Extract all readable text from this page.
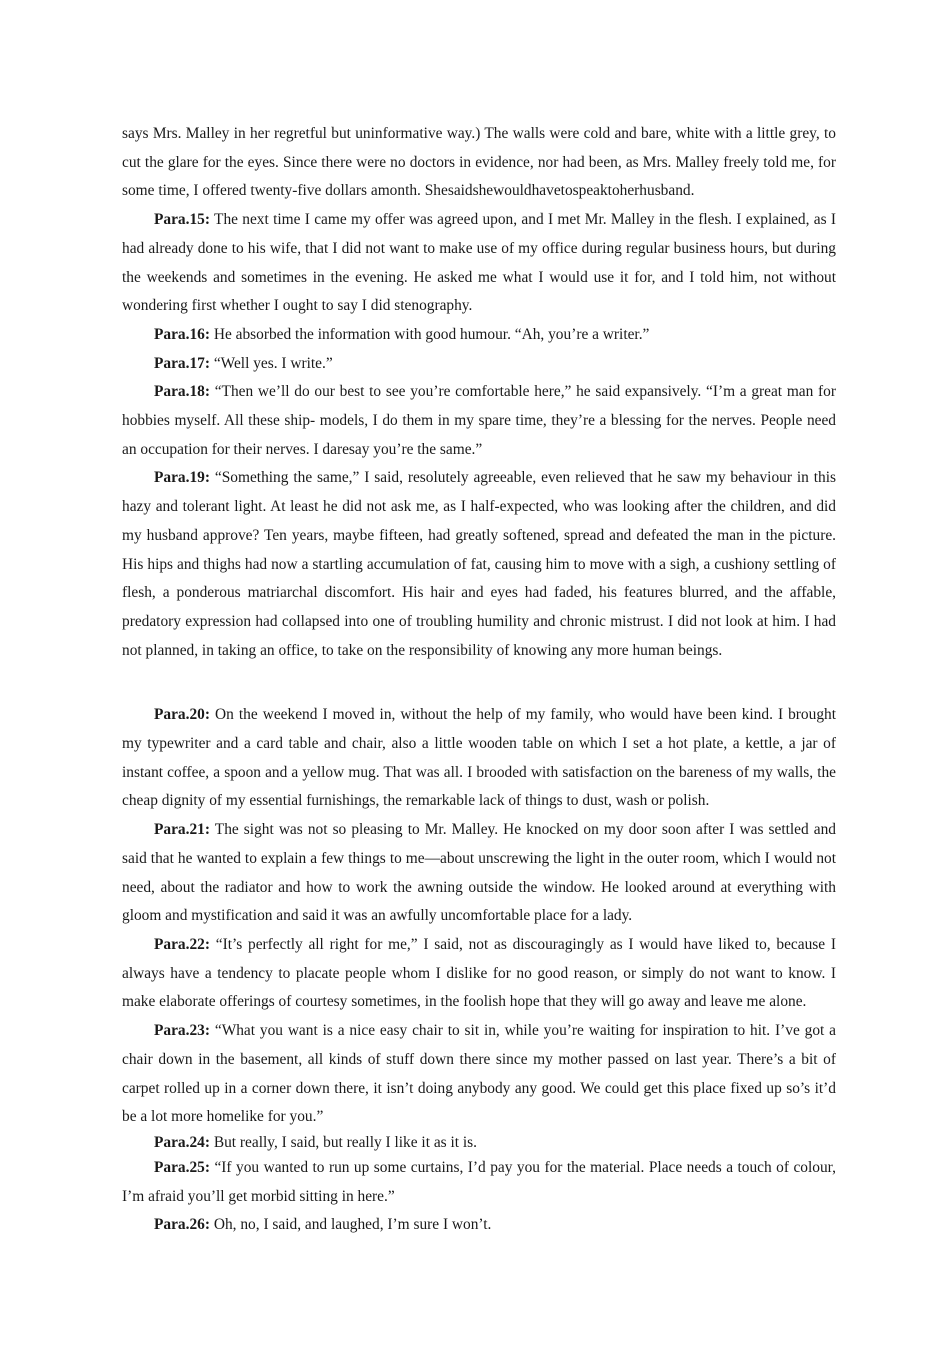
says Mrs. Malley in her regretful but uninformative way.) The walls were cold and bare, white with a little grey, to cut the glare for the eyes. Since there were no doctors in evidence, nor had been, as Mrs. Malley freely told me, for some time, I offered twenty-five dollars amonth. Shesaidshewouldhavetospeaktoherhusband.

Para.15: The next time I came my offer was agreed upon, and I met Mr. Malley in the flesh. I explained, as I had already done to his wife, that I did not want to make use of my office during regular business hours, but during the weekends and sometimes in the evening. He asked me what I would use it for, and I told him, not without wondering first whether I ought to say I did stenography.

Para.16: He absorbed the information with good humour. “Ah, you’re a writer.”

Para.17: “Well yes. I write.”

Para.18: “Then we’ll do our best to see you’re comfortable here,” he said expansively. “I’m a great man for hobbies myself. All these ship- models, I do them in my spare time, they’re a blessing for the nerves. People need an occupation for their nerves. I daresay you’re the same.”

Para.19: “Something the same,” I said, resolutely agreeable, even relieved that he saw my behaviour in this hazy and tolerant light. At least he did not ask me, as I half-expected, who was looking after the children, and did my husband approve? Ten years, maybe fifteen, had greatly softened, spread and defeated the man in the picture. His hips and thighs had now a startling accumulation of fat, causing him to move with a sigh, a cushiony settling of flesh, a ponderous matriarchal discomfort. His hair and eyes had faded, his features blurred, and the affable, predatory expression had collapsed into one of troubling humility and chronic mistrust. I did not look at him. I had not planned, in taking an office, to take on the responsibility of knowing any more human beings.

Para.20: On the weekend I moved in, without the help of my family, who would have been kind. I brought my typewriter and a card table and chair, also a little wooden table on which I set a hot plate, a kettle, a jar of instant coffee, a spoon and a yellow mug. That was all. I brooded with satisfaction on the bareness of my walls, the cheap dignity of my essential furnishings, the remarkable lack of things to dust, wash or polish.

Para.21: The sight was not so pleasing to Mr. Malley. He knocked on my door soon after I was settled and said that he wanted to explain a few things to me—about unscrewing the light in the outer room, which I would not need, about the radiator and how to work the awning outside the window. He looked around at everything with gloom and mystification and said it was an awfully uncomfortable place for a lady.

Para.22: “It’s perfectly all right for me,” I said, not as discouragingly as I would have liked to, because I always have a tendency to placate people whom I dislike for no good reason, or simply do not want to know. I make elaborate offerings of courtesy sometimes, in the foolish hope that they will go away and leave me alone.

Para.23: “What you want is a nice easy chair to sit in, while you’re waiting for inspiration to hit. I’ve got a chair down in the basement, all kinds of stuff down there since my mother passed on last year. There’s a bit of carpet rolled up in a corner down there, it isn’t doing anybody any good. We could get this place fixed up so’s it’d be a lot more homelike for you.”

Para.24: But really, I said, but really I like it as it is.

Para.25: “If you wanted to run up some curtains, I’d pay you for the material. Place needs a touch of colour, I’m afraid you’ll get morbid sitting in here.”

Para.26: Oh, no, I said, and laughed, I’m sure I won’t.
